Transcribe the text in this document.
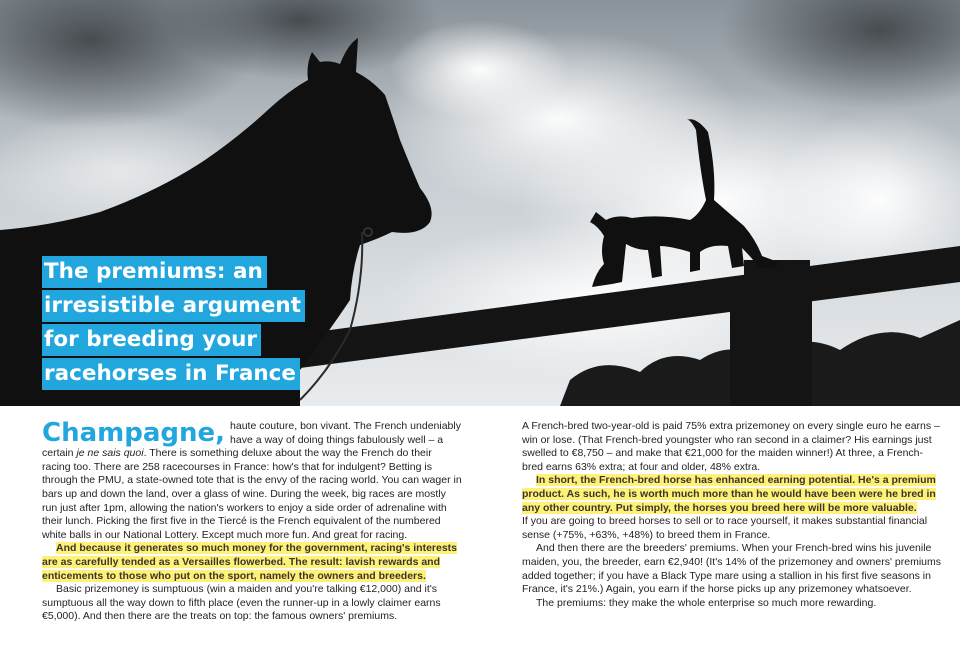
The premiums: an
irresistible argument
for breeding your
racehorses in France

Champagne, haute couture, bon vivant. The French undeniably have a way of doing things fabulously well – a certain je ne sais quoi. There is something deluxe about the way the French do their racing too. There are 258 racecourses in France: how's that for indulgent? Betting is through the PMU, a state-owned tote that is the envy of the racing world. You can wager in bars up and down the land, over a glass of wine. During the week, big races are mostly run just after 1pm, allowing the nation's workers to enjoy a side order of adrenaline with their lunch. Picking the first five in the Tiercé is the French equivalent of the numbered white balls in our National Lottery. Except much more fun. And great for racing.

And because it generates so much money for the government, racing's interests are as carefully tended as a Versailles flowerbed. The result: lavish rewards and enticements to those who put on the sport, namely the owners and breeders.

Basic prizemoney is sumptuous (win a maiden and you're talking €12,000) and it's sumptuous all the way down to fifth place (even the runner-up in a lowly claimer earns €5,000). And then there are the treats on top: the famous owners' premiums.

A French-bred two-year-old is paid 75% extra prizemoney on every single euro he earns – win or lose. (That French-bred youngster who ran second in a claimer? His earnings just swelled to €8,750 – and make that €21,000 for the maiden winner!) At three, a French-bred earns 63% extra; at four and older, 48% extra.

In short, the French-bred horse has enhanced earning potential. He's a premium product. As such, he is worth much more than he would have been were he bred in any other country. Put simply, the horses you breed here will be more valuable.

If you are going to breed horses to sell or to race yourself, it makes substantial financial sense (+75%, +63%, +48%) to breed them in France.

And then there are the breeders' premiums. When your French-bred wins his juvenile maiden, you, the breeder, earn €2,940! (It's 14% of the prizemoney and owners' premiums added together; if you have a Black Type mare using a stallion in his first five seasons in France, it's 21%.) Again, you earn if the horse picks up any prizemoney whatsoever.

The premiums: they make the whole enterprise so much more rewarding.
